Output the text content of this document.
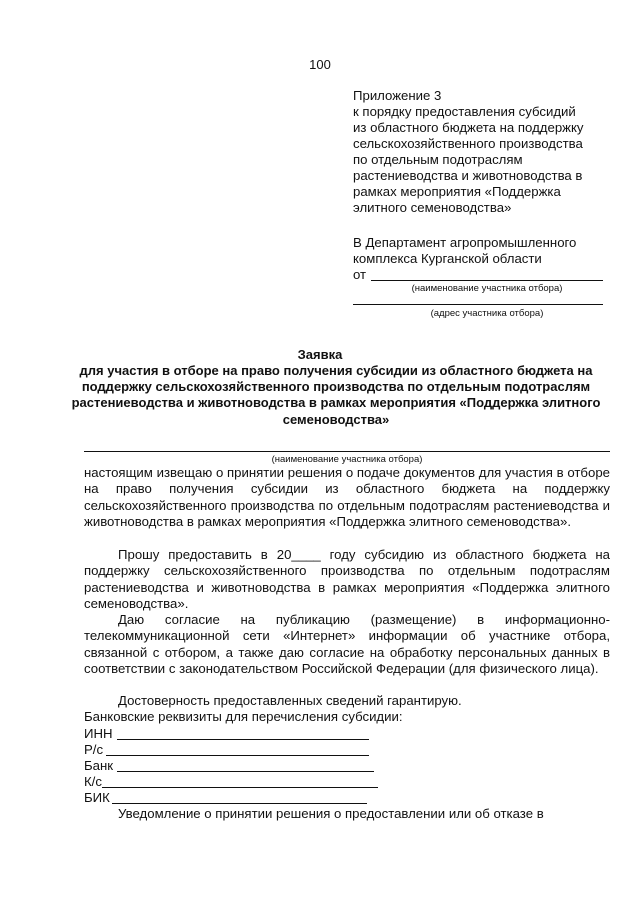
100
Приложение 3
к порядку предоставления субсидий
из областного бюджета на поддержку
сельскохозяйственного производства
по отдельным подотраслям
растениеводства и животноводства в
рамках мероприятия «Поддержка
элитного семеноводства»
В Департамент агропромышленного
комплекса Курганской области
от
(наименование участника отбора)
(адрес участника отбора)
Заявка
для участия в отборе на право получения субсидии из областного бюджета на поддержку сельскохозяйственного производства по отдельным подотраслям растениеводства и животноводства в рамках мероприятия «Поддержка элитного семеноводства»
(наименование участника отбора)
настоящим извещаю о принятии решения о подаче документов для участия в отборе на право получения субсидии из областного бюджета на поддержку сельскохозяйственного производства по отдельным подотраслям растениеводства и животноводства в рамках мероприятия «Поддержка элитного семеноводства».
Прошу предоставить в 20____ году субсидию из областного бюджета на поддержку сельскохозяйственного производства по отдельным подотраслям растениеводства и животноводства в рамках мероприятия «Поддержка элитного семеноводства».
Даю согласие на публикацию (размещение) в информационно-телекоммуникационной сети «Интернет» информации об участнике отбора, связанной с отбором, а также даю согласие на обработку персональных данных в соответствии с законодательством Российской Федерации (для физического лица).
Достоверность предоставленных сведений гарантирую.
Банковские реквизиты для перечисления субсидии:
ИНН
Р/с
Банк
К/с
БИК
Уведомление о принятии решения о предоставлении или об отказе в
